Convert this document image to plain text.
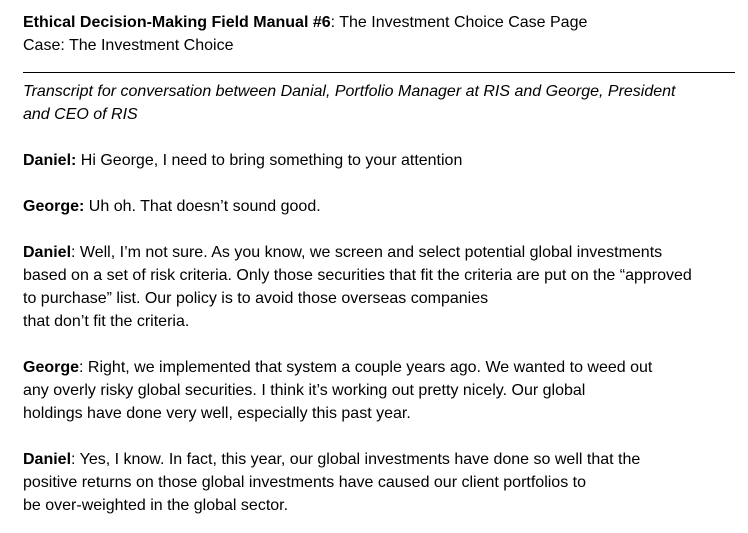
Ethical Decision-Making Field Manual #6: The Investment Choice Case Page
Case: The Investment Choice
Transcript for conversation between Danial, Portfolio Manager at RIS and George, President
and CEO of RIS
Daniel: Hi George, I need to bring something to your attention
George: Uh oh. That doesn’t sound good.
Daniel: Well, I’m not sure. As you know, we screen and select potential global investments
based on a set of risk criteria. Only those securities that fit the criteria are put on the “approved
to purchase” list. Our policy is to avoid those overseas companies
that don’t fit the criteria.
George: Right, we implemented that system a couple years ago. We wanted to weed out
any overly risky global securities. I think it’s working out pretty nicely. Our global
holdings have done very well, especially this past year.
Daniel: Yes, I know. In fact, this year, our global investments have done so well that the
positive returns on those global investments have caused our client portfolios to
be over-weighted in the global sector.
